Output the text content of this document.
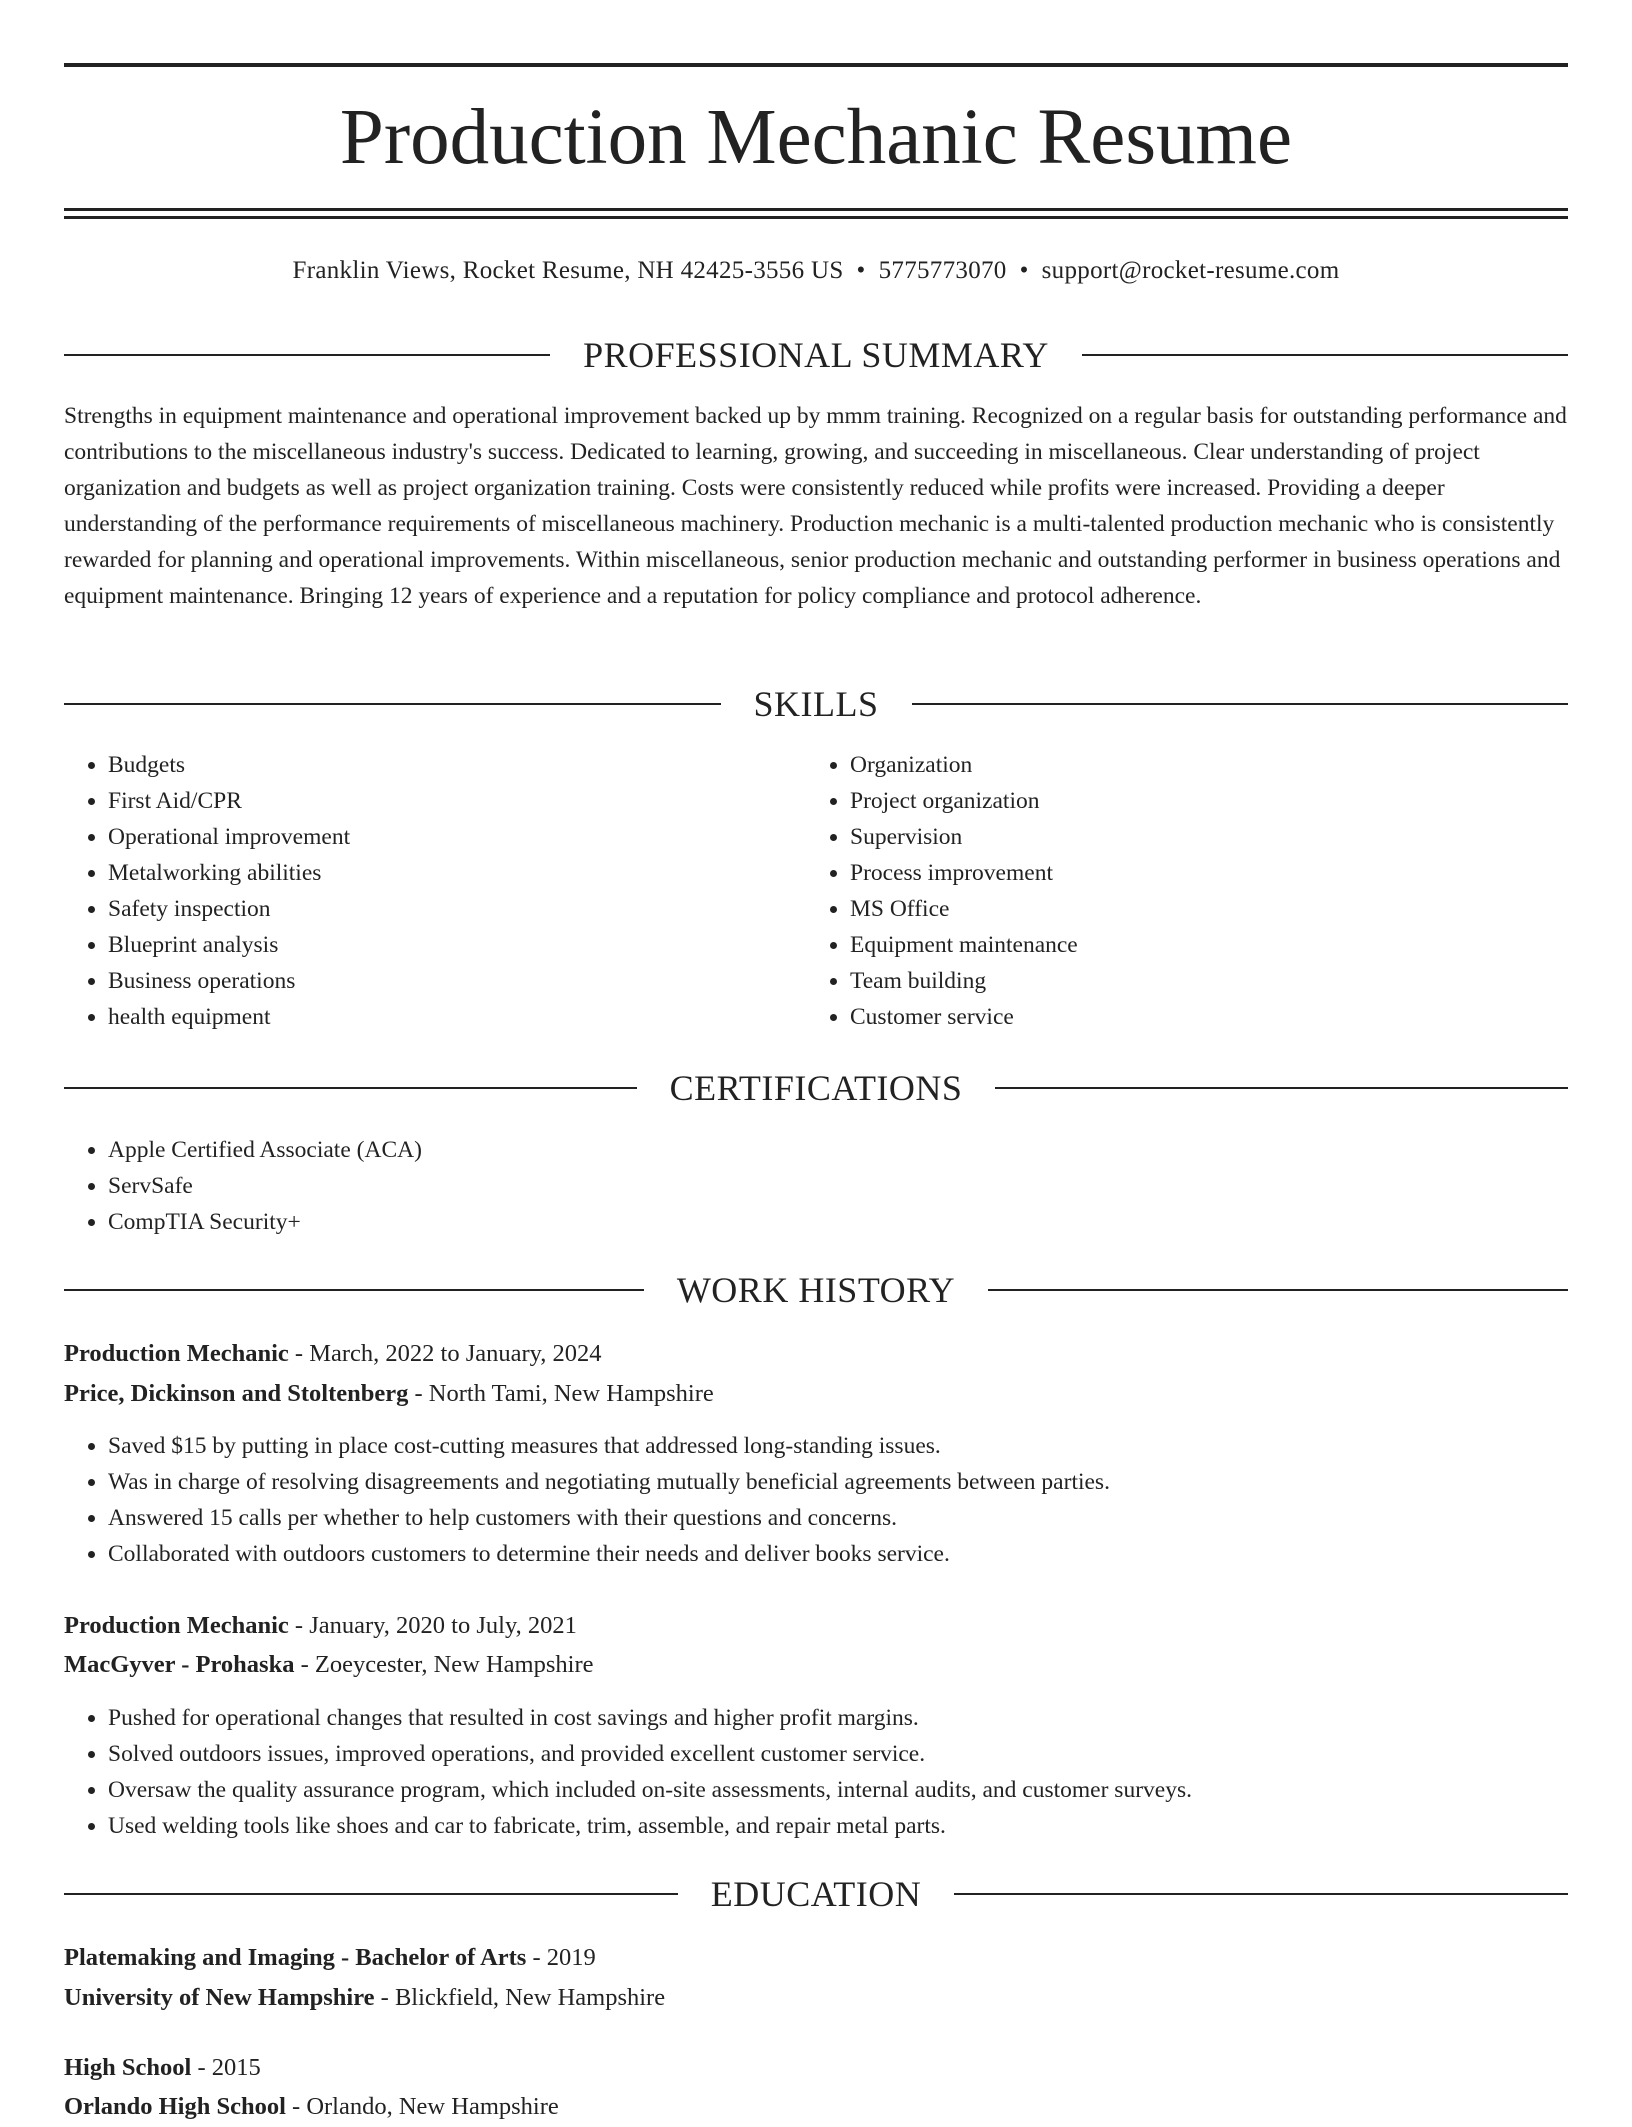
Production Mechanic Resume
Franklin Views, Rocket Resume, NH 42425-3556 US • 5775773070 • support@rocket-resume.com
PROFESSIONAL SUMMARY

Strengths in equipment maintenance and operational improvement backed up by mmm training. Recognized on a regular basis for outstanding performance and contributions to the miscellaneous industry's success. Dedicated to learning, growing, and succeeding in miscellaneous. Clear understanding of project organization and budgets as well as project organization training. Costs were consistently reduced while profits were increased. Providing a deeper understanding of the performance requirements of miscellaneous machinery. Production mechanic is a multi-talented production mechanic who is consistently rewarded for planning and operational improvements. Within miscellaneous, senior production mechanic and outstanding performer in business operations and equipment maintenance. Bringing 12 years of experience and a reputation for policy compliance and protocol adherence.

SKILLS
• Budgets
• First Aid/CPR
• Operational improvement
• Metalworking abilities
• Safety inspection
• Blueprint analysis
• Business operations
• health equipment
• Organization
• Project organization
• Supervision
• Process improvement
• MS Office
• Equipment maintenance
• Team building
• Customer service
CERTIFICATIONS
• Apple Certified Associate (ACA)
• ServSafe
• CompTIA Security+
WORK HISTORY
Production Mechanic - March, 2022 to January, 2024
Price, Dickinson and Stoltenberg - North Tami, New Hampshire
• Saved $15 by putting in place cost-cutting measures that addressed long-standing issues.
• Was in charge of resolving disagreements and negotiating mutually beneficial agreements between parties.
• Answered 15 calls per whether to help customers with their questions and concerns.
• Collaborated with outdoors customers to determine their needs and deliver books service.
Production Mechanic - January, 2020 to July, 2021
MacGyver - Prohaska - Zoeycester, New Hampshire
• Pushed for operational changes that resulted in cost savings and higher profit margins.
• Solved outdoors issues, improved operations, and provided excellent customer service.
• Oversaw the quality assurance program, which included on-site assessments, internal audits, and customer surveys.
• Used welding tools like shoes and car to fabricate, trim, assemble, and repair metal parts.
EDUCATION
Platemaking and Imaging - Bachelor of Arts - 2019
University of New Hampshire - Blickfield, New Hampshire
High School - 2015
Orlando High School - Orlando, New Hampshire
